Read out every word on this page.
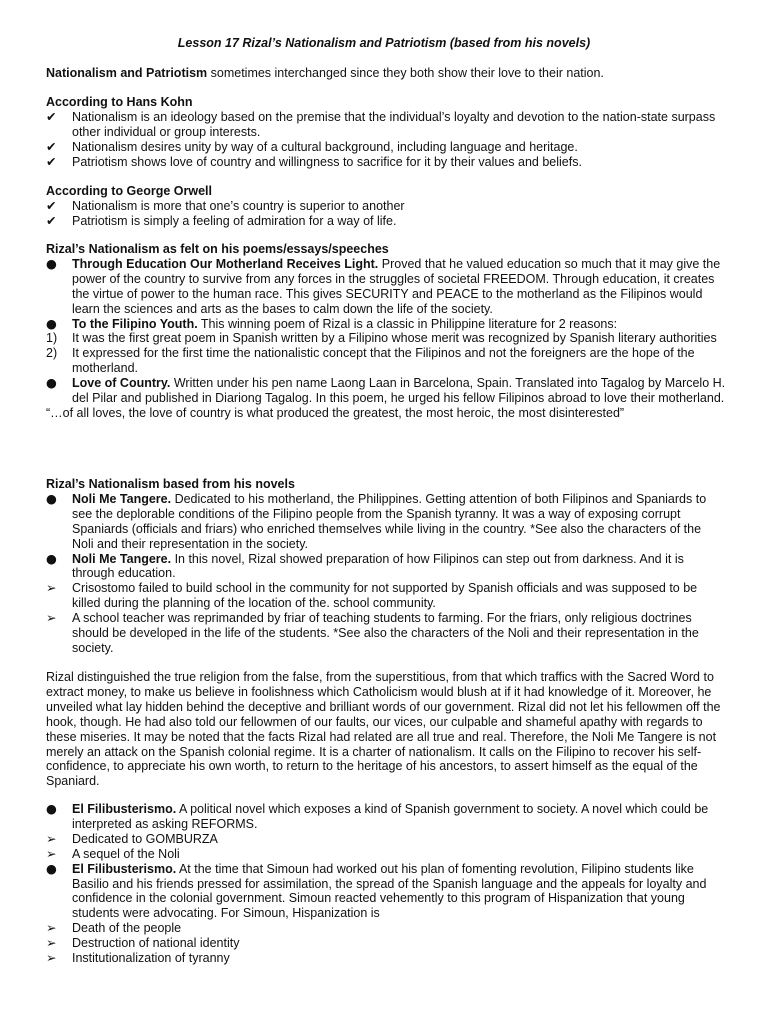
Lesson 17 Rizal’s Nationalism and Patriotism (based from his novels)

Nationalism and Patriotism sometimes interchanged since they both show their love to their nation.

According to Hans Kohn
✔	Nationalism is an ideology based on the premise that the individual’s loyalty and devotion to the nation-state surpass other individual or group interests.
✔	Nationalism desires unity by way of a cultural background, including language and heritage.
✔	Patriotism shows love of country and willingness to sacrifice for it by their values and beliefs.
According to George Orwell
✔	Nationalism is more that one’s country is superior to another
✔	Patriotism is simply a feeling of admiration for a way of life.
Rizal’s Nationalism as felt on his poems/essays/speeches
●	Through Education Our Motherland Receives Light. Proved that he valued education so much that it may give the power of the country to survive from any forces in the struggles of societal FREEDOM. Through education, it creates the virtue of power to the human race. This gives SECURITY and PEACE to the motherland as the Filipinos would learn the sciences and arts as the bases to calm down the life of the society.
●	To the Filipino Youth. This winning poem of Rizal is a classic in Philippine literature for 2 reasons:
1)	It was the first great poem in Spanish written by a Filipino whose merit was recognized by Spanish literary authorities
2)	It expressed for the first time the nationalistic concept that the Filipinos and not the foreigners are the hope of the motherland.
●	Love of Country. Written under his pen name Laong Laan in Barcelona, Spain. Translated into Tagalog by Marcelo H. del Pilar and published in Diariong Tagalog. In this poem, he urged his fellow Filipinos abroad to love their motherland.
“…of all loves, the love of country is what produced the greatest, the most heroic, the most disinterested”
Rizal’s Nationalism based from his novels
●	Noli Me Tangere. Dedicated to his motherland, the Philippines. Getting attention of both Filipinos and Spaniards to see the deplorable conditions of the Filipino people from the Spanish tyranny. It was a way of exposing corrupt Spaniards (officials and friars) who enriched themselves while living in the country. *See also the characters of the Noli and their representation in the society.
●	Noli Me Tangere. In this novel, Rizal showed preparation of how Filipinos can step out from darkness. And it is through education.
➢	Crisostomo failed to build school in the community for not supported by Spanish officials and was supposed to be killed during the planning of the location of the. school community.
➢	A school teacher was reprimanded by friar of teaching students to farming. For the friars, only religious doctrines should be developed in the life of the students. *See also the characters of the Noli and their representation in the society.

Rizal distinguished the true religion from the false, from the superstitious, from that which traffics with the Sacred Word to extract money, to make us believe in foolishness which Catholicism would blush at if it had knowledge of it. Moreover, he unveiled what lay hidden behind the deceptive and brilliant words of our government. Rizal did not let his fellowmen off the hook, though. He had also told our fellowmen of our faults, our vices, our culpable and shameful apathy with regards to these miseries. It may be noted that the facts Rizal had related are all true and real. Therefore, the Noli Me Tangere is not merely an attack on the Spanish colonial regime. It is a charter of nationalism. It calls on the Filipino to recover his self-confidence, to appreciate his own worth, to return to the heritage of his ancestors, to assert himself as the equal of the Spaniard.

●	El Filibusterismo. A political novel which exposes a kind of Spanish government to society. A novel which could be interpreted as asking REFORMS.
➢	Dedicated to GOMBURZA
➢	A sequel of the Noli
●	El Filibusterismo. At the time that Simoun had worked out his plan of fomenting revolution, Filipino students like Basilio and his friends pressed for assimilation, the spread of the Spanish language and the appeals for loyalty and confidence in the colonial government. Simoun reacted vehemently to this program of Hispanization that young students were advocating. For Simoun, Hispanization is
➢	Death of the people
➢	Destruction of national identity
➢	Institutionalization of tyranny
